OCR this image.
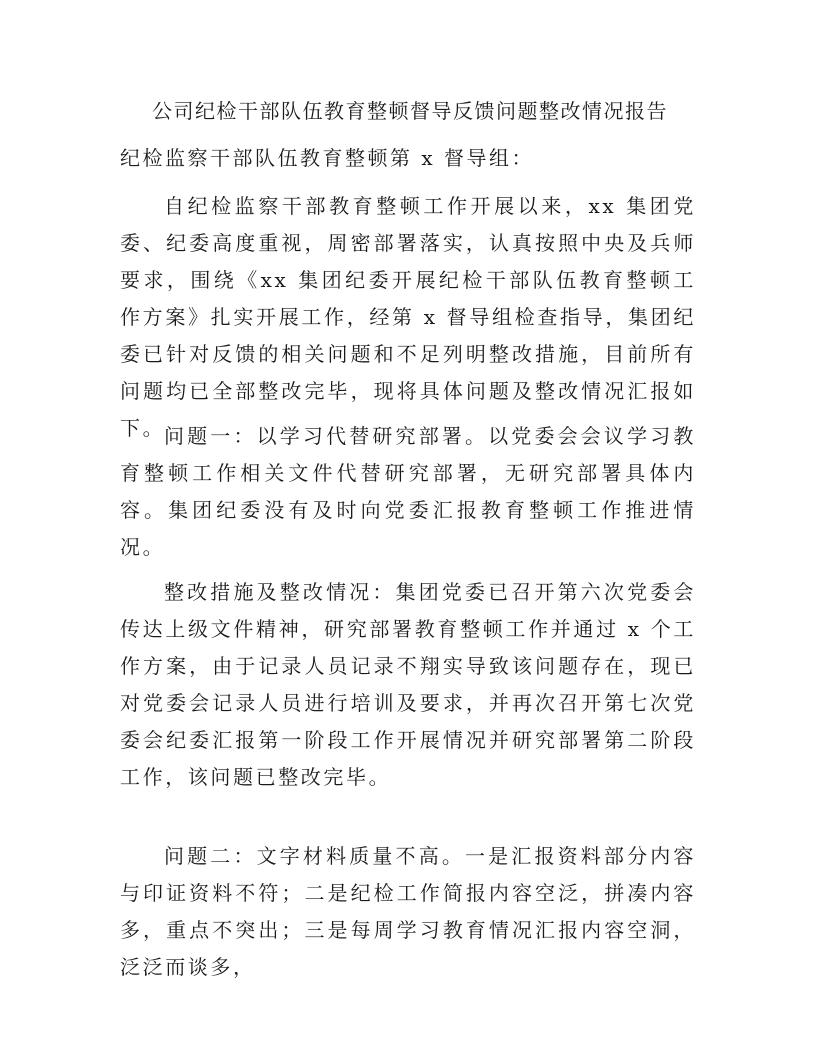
公司纪检干部队伍教育整顿督导反馈问题整改情况报告
纪检监察干部队伍教育整顿第 x 督导组：

自纪检监察干部教育整顿工作开展以来，xx 集团党委、纪委高度重视，周密部署落实，认真按照中央及兵师要求，围绕《xx 集团纪委开展纪检干部队伍教育整顿工作方案》扎实开展工作，经第 x 督导组检查指导，集团纪委已针对反馈的相关问题和不足列明整改措施，目前所有问题均已全部整改完毕，现将具体问题及整改情况汇报如下。

问题一：以学习代替研究部署。以党委会会议学习教育整顿工作相关文件代替研究部署，无研究部署具体内容。集团纪委没有及时向党委汇报教育整顿工作推进情况。

整改措施及整改情况：集团党委已召开第六次党委会传达上级文件精神，研究部署教育整顿工作并通过 x 个工作方案，由于记录人员记录不翔实导致该问题存在，现已对党委会记录人员进行培训及要求，并再次召开第七次党委会纪委汇报第一阶段工作开展情况并研究部署第二阶段工作，该问题已整改完毕。

问题二：文字材料质量不高。一是汇报资料部分内容与印证资料不符；二是纪检工作简报内容空泛，拼凑内容多，重点不突出；三是每周学习教育情况汇报内容空洞，泛泛而谈多，
